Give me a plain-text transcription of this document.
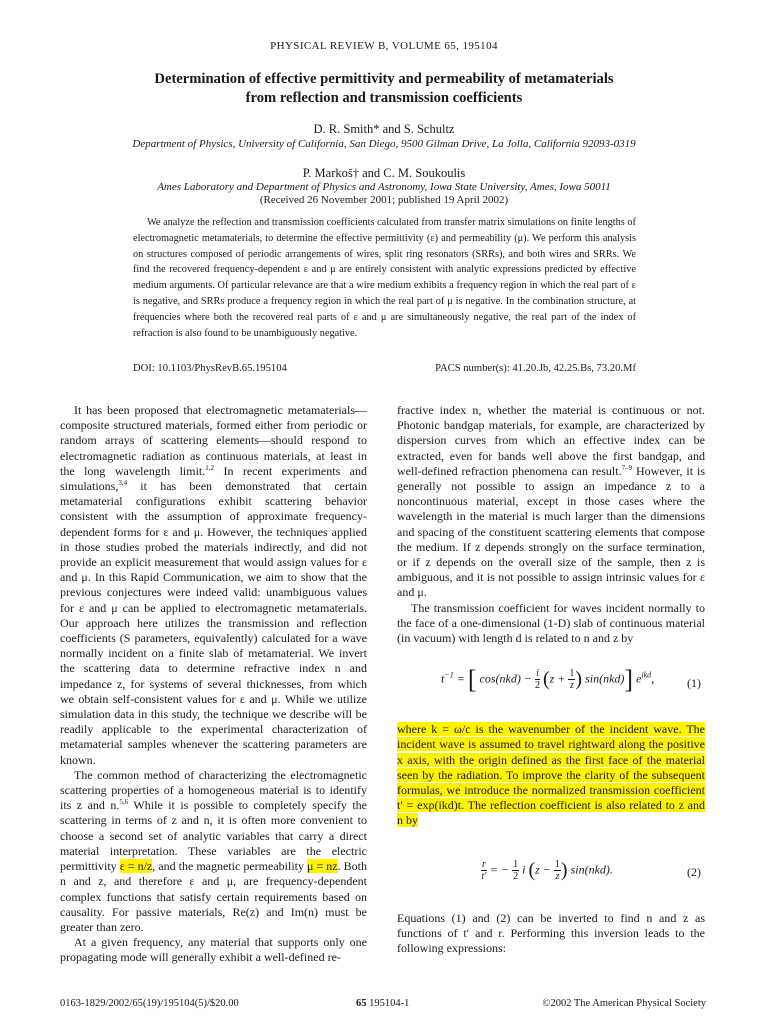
PHYSICAL REVIEW B, VOLUME 65, 195104
Determination of effective permittivity and permeability of metamaterials
from reflection and transmission coefficients
D. R. Smith* and S. Schultz
Department of Physics, University of California, San Diego, 9500 Gilman Drive, La Jolla, California 92093-0319
P. Markoš† and C. M. Soukoulis
Ames Laboratory and Department of Physics and Astronomy, Iowa State University, Ames, Iowa 50011
(Received 26 November 2001; published 19 April 2002)
We analyze the reflection and transmission coefficients calculated from transfer matrix simulations on finite lengths of electromagnetic metamaterials, to determine the effective permittivity (ε) and permeability (μ). We perform this analysis on structures composed of periodic arrangements of wires, split ring resonators (SRRs), and both wires and SRRs. We find the recovered frequency-dependent ε and μ are entirely consistent with analytic expressions predicted by effective medium arguments. Of particular relevance are that a wire medium exhibits a frequency region in which the real part of ε is negative, and SRRs produce a frequency region in which the real part of μ is negative. In the combination structure, at frequencies where both the recovered real parts of ε and μ are simultaneously negative, the real part of the index of refraction is also found to be unambiguously negative.
DOI: 10.1103/PhysRevB.65.195104	PACS number(s): 41.20.Jb, 42.25.Bs, 73.20.Mf

It has been proposed that electromagnetic metamaterials—composite structured materials, formed either from periodic or random arrays of scattering elements—should respond to electromagnetic radiation as continuous materials, at least in the long wavelength limit.$^{1,2}$ In recent experiments and simulations,$^{3,4}$ it has been demonstrated that certain metamaterial configurations exhibit scattering behavior consistent with the assumption of approximate frequency-dependent forms for ε and μ. However, the techniques applied in those studies probed the materials indirectly, and did not provide an explicit measurement that would assign values for ε and μ. In this Rapid Communication, we aim to show that the previous conjectures were indeed valid: unambiguous values for ε and μ can be applied to electromagnetic metamaterials. Our approach here utilizes the transmission and reflection coefficients (S parameters, equivalently) calculated for a wave normally incident on a finite slab of metamaterial. We invert the scattering data to determine refractive index n and impedance z, for systems of several thicknesses, from which we obtain self-consistent values for ε and μ. While we utilize simulation data in this study, the technique we describe will be readily applicable to the experimental characterization of metamaterial samples whenever the scattering parameters are known.

The common method of characterizing the electromagnetic scattering properties of a homogeneous material is to identify its z and n.$^{5,6}$ While it is possible to completely specify the scattering in terms of z and n, it is often more convenient to choose a second set of analytic variables that carry a direct material interpretation. These variables are the electric permittivity ε = n/z, and the magnetic permeability μ = nz. Both n and z, and therefore ε and μ, are frequency-dependent complex functions that satisfy certain requirements based on causality. For passive materials, Re(z) and Im(n) must be greater than zero.

At a given frequency, any material that supports only one propagating mode will generally exhibit a well-defined re-

fractive index n, whether the material is continuous or not. Photonic bandgap materials, for example, are characterized by dispersion curves from which an effective index can be extracted, even for bands well above the first bandgap, and well-defined refraction phenomena can result.$^{7-9}$ However, it is generally not possible to assign an impedance z to a noncontinuous material, except in those cases where the wavelength in the material is much larger than the dimensions and spacing of the constituent scattering elements that compose the medium. If z depends strongly on the surface termination, or if z depends on the overall size of the sample, then z is ambiguous, and it is not possible to assign intrinsic values for ε and μ.

The transmission coefficient for waves incident normally to the face of a one-dimensional (1-D) slab of continuous material (in vacuum) with length d is related to n and z by

$t^{-1}$ = [ $\cos(nkd) - \frac{i}{2} (z + \frac{1}{z}$ ) sin(nkd)] $e^{ikd}$,	(1)

where k = ω/c is the wavenumber of the incident wave. The incident wave is assumed to travel rightward along the positive x axis, with the origin defined as the first face of the material seen by the radiation. To improve the clarity of the subsequent formulas, we introduce the normalized transmission coefficient t′ = exp(ikd)t. The reflection coefficient is also related to z and n by

$\frac{r}{t'}$ = − $\frac{1}{2}$ i ($z - \frac{1}{z}$ ) sin(nkd).	(2)

Equations (1) and (2) can be inverted to find n and z as functions of t′ and r. Performing this inversion leads to the following expressions:

0163-1829/2002/65(19)/195104(5)/$20.00	65 195104-1	©2002 The American Physical Society
